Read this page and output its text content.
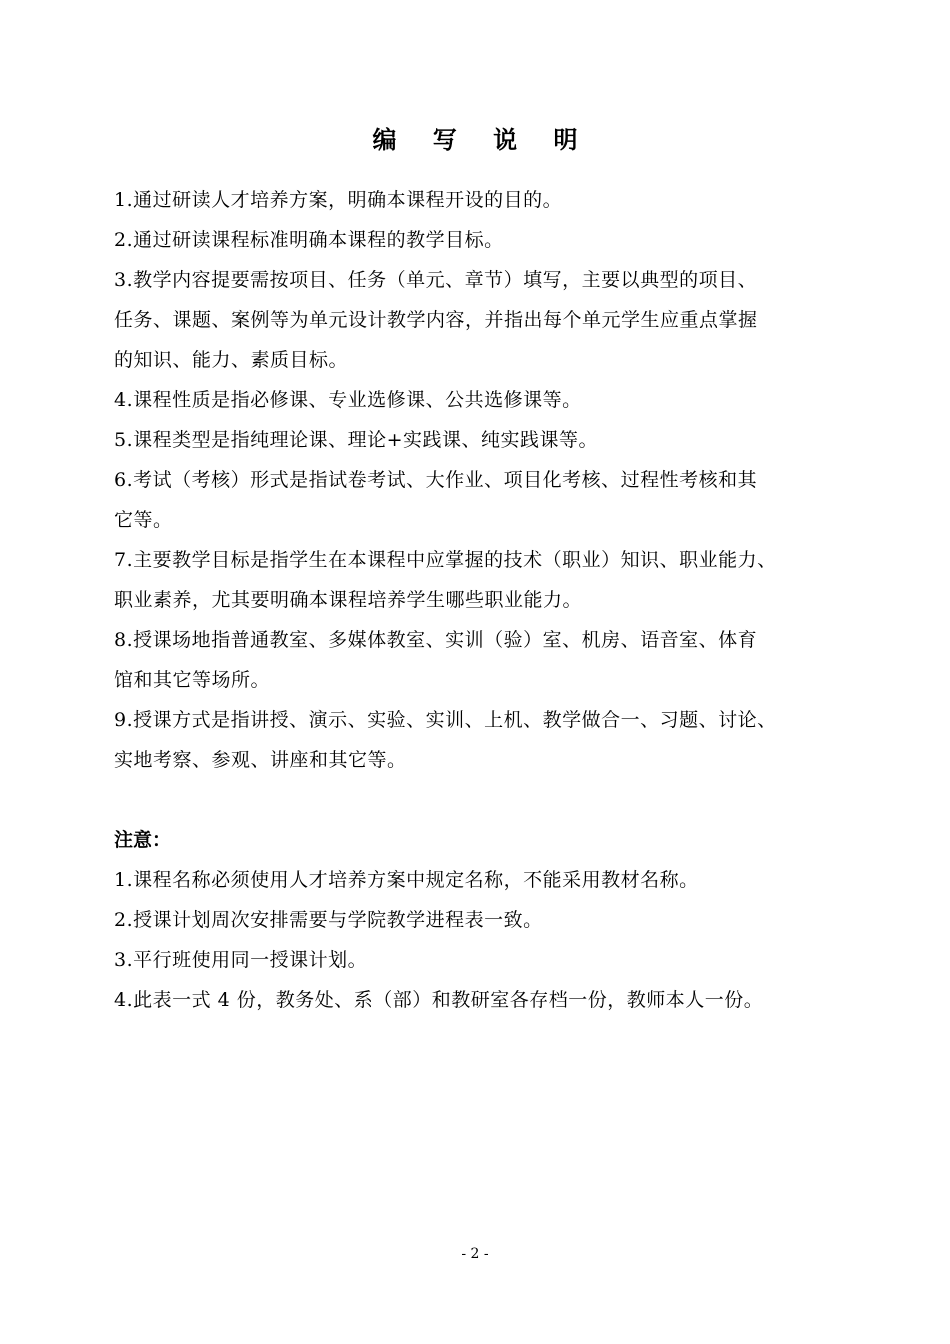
编 写 说 明

1.通过研读人才培养方案，明确本课程开设的目的。

2.通过研读课程标准明确本课程的教学目标。

3.教学内容提要需按项目、任务（单元、章节）填写，主要以典型的项目、
任务、课题、案例等为单元设计教学内容，并指出每个单元学生应重点掌握
的知识、能力、素质目标。

4.课程性质是指必修课、专业选修课、公共选修课等。

5.课程类型是指纯理论课、理论+实践课、纯实践课等。

6.考试（考核）形式是指试卷考试、大作业、项目化考核、过程性考核和其
它等。

7.主要教学目标是指学生在本课程中应掌握的技术（职业）知识、职业能力、
职业素养，尤其要明确本课程培养学生哪些职业能力。

8.授课场地指普通教室、多媒体教室、实训（验）室、机房、语音室、体育
馆和其它等场所。

9.授课方式是指讲授、演示、实验、实训、上机、教学做合一、习题、讨论、
实地考察、参观、讲座和其它等。

注意：

1.课程名称必须使用人才培养方案中规定名称，不能采用教材名称。

2.授课计划周次安排需要与学院教学进程表一致。

3.平行班使用同一授课计划。

4.此表一式 4 份，教务处、系（部）和教研室各存档一份，教师本人一份。

- 2 -
